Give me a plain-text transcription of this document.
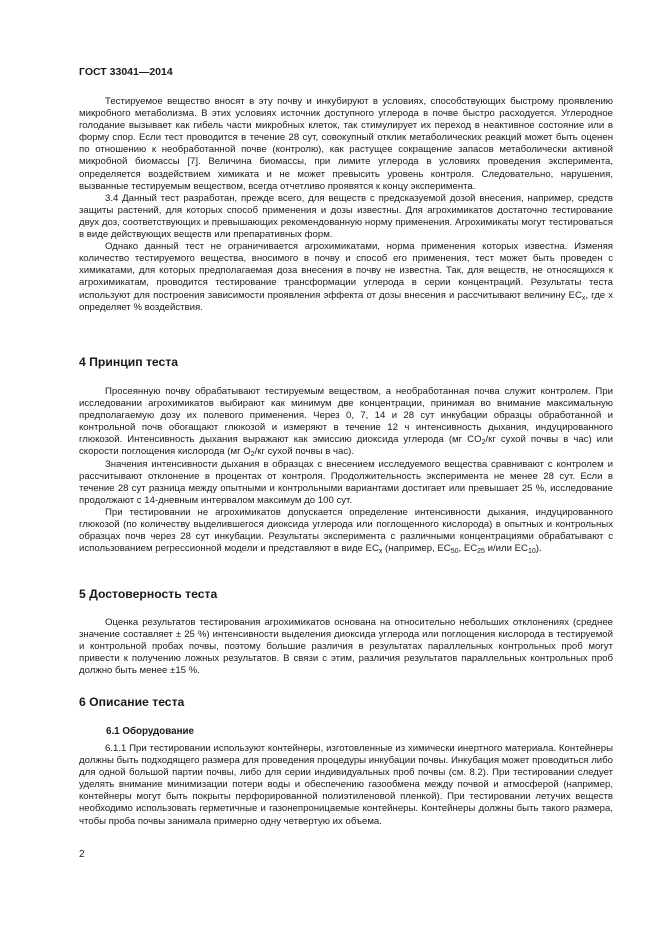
ГОСТ 33041—2014

Тестируемое вещество вносят в эту почву и инкубируют в условиях, способствующих быстрому проявлению микробного метаболизма. В этих условиях источник доступного углерода в почве быстро расходуется. Углеродное голодание вызывает как гибель части микробных клеток, так стимулирует их переход в неактивное состояние или в форму спор. Если тест проводится в течение 28 сут, совокупный отклик метаболических реакций может быть оценен по отношению к необработанной почве (контролю), как растущее сокращение запасов метаболически активной микробной биомассы [7]. Величина биомассы, при лимите углерода в условиях проведения эксперимента, определяется воздействием химиката и не может превысить уровень контроля. Следовательно, нарушения, вызванные тестируемым веществом, всегда отчетливо проявятся к концу эксперимента.

3.4 Данный тест разработан, прежде всего, для веществ с предсказуемой дозой внесения, например, средств защиты растений, для которых способ применения и дозы известны. Для агрохимикатов достаточно тестирование двух доз, соответствующих и превышающих рекомендованную норму применения. Агрохимикаты могут тестироваться в виде действующих веществ или препаративных форм.

Однако данный тест не ограничивается агрохимикатами, норма применения которых известна. Изменяя количество тестируемого вещества, вносимого в почву и способ его применения, тест может быть проведен с химикатами, для которых предполагаемая доза внесения в почву не известна. Так, для веществ, не относящихся к агрохимикатам, проводится тестирование трансформации углерода в серии концентраций. Результаты теста используют для построения зависимости проявления эффекта от дозы внесения и рассчитывают величину $EC_x$, где x определяет % воздействия.

4 Принцип теста

Просеянную почву обрабатывают тестируемым веществом, а необработанная почва служит контролем. При исследовании агрохимикатов выбирают как минимум две концентрации, принимая во внимание максимальную предполагаемую дозу их полевого применения. Через 0, 7, 14 и 28 сут инкубации образцы обработанной и контрольной почв обогащают глюкозой и измеряют в течение 12 ч интенсивность дыхания, индуцированного глюкозой. Интенсивность дыхания выражают как эмиссию диоксида углерода (мг $CO_2/кг$ сухой почвы в час) или скорости поглощения кислорода (мг $O_2/кг$ сухой почвы в час).

Значения интенсивности дыхания в образцах с внесением исследуемого вещества сравнивают с контролем и рассчитывают отклонение в процентах от контроля. Продолжительность эксперимента не менее 28 сут. Если в течение 28 сут разница между опытными и контрольными вариантами достигает или превышает 25 %, исследование продолжают с 14-дневным интервалом максимум до 100 сут.

При тестировании не агрохимикатов допускается определение интенсивности дыхания, индуцированного глюкозой (по количеству выделившегося диоксида углерода или поглощенного кислорода) в опытных и контрольных образцах почв через 28 сут инкубации. Результаты эксперимента с различными концентрациями обрабатывают с использованием регрессионной модели и представляют в виде $EC_x$ (например, $EC_{50}$, $EC_{25}$ и/или $EC_{10}$).

5 Достоверность теста

Оценка результатов тестирования агрохимикатов основана на относительно небольших отклонениях (среднее значение составляет ± 25 %) интенсивности выделения диоксида углерода или поглощения кислорода в тестируемой и контрольной пробах почвы, поэтому большие различия в результатах параллельных контрольных проб могут привести к получению ложных результатов. В связи с этим, различия результатов параллельных контрольных проб должно быть менее ±15 %.

6 Описание теста
6.1 Оборудование

6.1.1 При тестировании используют контейнеры, изготовленные из химически инертного материала. Контейнеры должны быть подходящего размера для проведения процедуры инкубации почвы. Инкубация может проводиться либо для одной большой партии почвы, либо для серии индивидуальных проб почвы (см. 8.2). При тестировании следует уделять внимание минимизации потери воды и обеспечению газообмена между почвой и атмосферой (например, контейнеры могут быть покрыты перфорированной полиэтиленовой пленкой). При тестировании летучих веществ необходимо использовать герметичные и газонепроницаемые контейнеры. Контейнеры должны быть такого размера, чтобы проба почвы занимала примерно одну четвертую их объема.

2
